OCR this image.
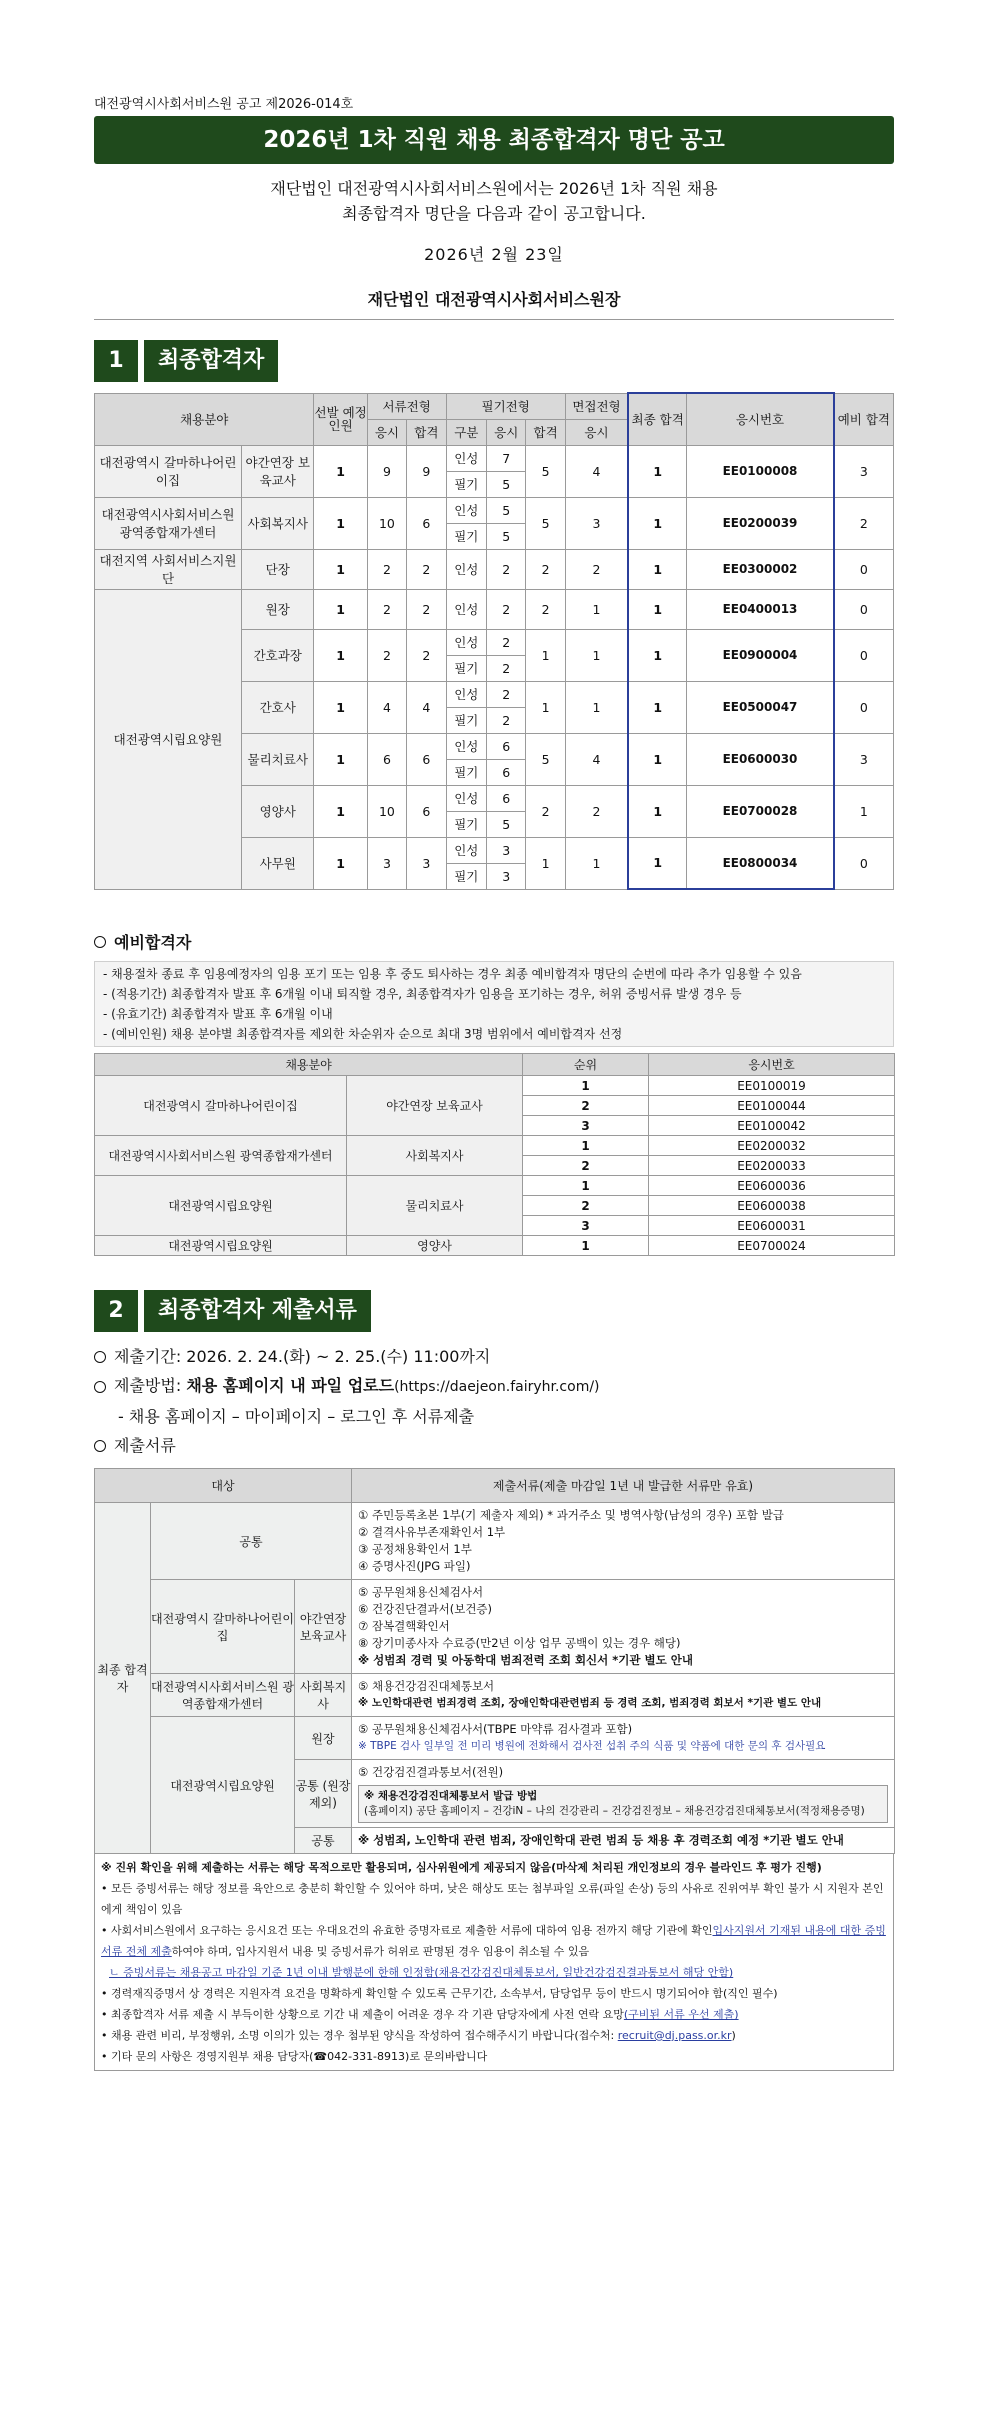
대전광역시사회서비스원 공고 제2026-014호
2026년 1차 직원 채용 최종합격자 명단 공고
재단법인 대전광역시사회서비스원에서는 2026년 1차 직원 채용
최종합격자 명단을 다음과 같이 공고합니다.
2026년 2월 23일
재단법인 대전광역시사회서비스원장
1	최종합격자
채용분야		선발 예정인원	서류전형		필기전형			면접전형	최종 합격	응시번호	예비 합격
			응시	합격	구분	응시	합격	응시			
대전광역시 갈마하나어린이집	야간연장 보육교사	1	9	9	인성	7	5	4	1	EE0100008	3
					필기	5					
대전광역시사회서비스원 광역종합재가센터	사회복지사	1	10	6	인성	5	5	3	1	EE0200039	2
					필기	5					
대전지역 사회서비스지원단	단장	1	2	2	인성	2	2	2	1	EE0300002	0
대전광역시립요양원	원장	1	2	2	인성	2	2	1	1	EE0400013	0
	간호과장	1	2	2	인성	2	1	1	1	EE0900004	0
					필기	2					
	간호사	1	4	4	인성	2	1	1	1	EE0500047	0
					필기	2					
	물리치료사	1	6	6	인성	6	5	4	1	EE0600030	3
					필기	6					
	영양사	1	10	6	인성	6	2	2	1	EE0700028	1
					필기	5					
	사무원	1	3	3	인성	3	1	1	1	EE0800034	0
					필기	3					
예비합격자
- 채용절차 종료 후 임용예정자의 임용 포기 또는 임용 후 중도 퇴사하는 경우 최종 예비합격자 명단의 순번에 따라 추가 임용할 수 있음
- (적용기간) 최종합격자 발표 후 6개월 이내 퇴직할 경우, 최종합격자가 임용을 포기하는 경우, 허위 증빙서류 발생 경우 등
- (유효기간) 최종합격자 발표 후 6개월 이내
- (예비인원) 채용 분야별 최종합격자를 제외한 차순위자 순으로 최대 3명 범위에서 예비합격자 선정
채용분야		순위	응시번호
대전광역시 갈마하나어린이집	야간연장 보육교사	1	EE0100019
		2	EE0100044
		3	EE0100042
대전광역시사회서비스원 광역종합재가센터	사회복지사	1	EE0200032
		2	EE0200033
대전광역시립요양원	물리치료사	1	EE0600036
		2	EE0600038
		3	EE0600031
대전광역시립요양원	영양사	1	EE0700024
2	최종합격자 제출서류
제출기간: 2026. 2. 24.(화) ~ 2. 25.(수) 11:00까지
제출방법: 채용 홈페이지 내 파일 업로드(https://daejeon.fairyhr.com/)
- 채용 홈페이지 – 마이페이지 – 로그인 후 서류제출
제출서류
대상			제출서류(제출 마감일 1년 내 발급한 서류만 유효)
최종 합격자	공통		① 주민등록초본 1부(기 제출자 제외) * 과거주소 및 병역사항(남성의 경우) 포함 발급
② 결격사유부존재확인서 1부
③ 공정채용확인서 1부
④ 증명사진(JPG 파일)

	대전광역시 갈마하나어린이집	야간연장 보육교사	⑤ 공무원채용신체검사서
⑥ 건강진단결과서(보건증)
⑦ 잠복결핵확인서
⑧ 장기미종사자 수료증(만2년 이상 업무 공백이 있는 경우 해당)
※ 성범죄 경력 및 아동학대 범죄전력 조회 회신서 *기관 별도 안내

	대전광역시사회서비스원 광역종합재가센터	사회복지사	⑤ 채용건강검진대체통보서
※ 노인학대관련 범죄경력 조회, 장애인학대관련범죄 등 경력 조회, 범죄경력 회보서 *기관 별도 안내

	대전광역시립요양원	원장	⑤ 공무원채용신체검사서(TBPE 마약류 검사결과 포함)
※ TBPE 검사 일부일 전 미리 병원에 전화해서 검사전 섭취 주의 식품 및 약품에 대한 문의 후 검사필요

		공통 (원장 제외)	⑤ 건강검진결과통보서(전원)
※ 채용건강검진대체통보서 발급 방법
(홈페이지) 공단 홈페이지 – 건강iN – 나의 건강관리 – 건강검진정보 – 채용건강검진대체통보서(적정채용증명)

		공통	※ 성범죄, 노인학대 관련 범죄, 장애인학대 관련 범죄 등 채용 후 경력조회 예정 *기관 별도 안내
※ 진위 확인을 위해 제출하는 서류는 해당 목적으로만 활용되며, 심사위원에게 제공되지 않음(마삭제 처리된 개인정보의 경우 블라인드 후 평가 진행)
• 모든 증빙서류는 해당 정보를 육안으로 충분히 확인할 수 있어야 하며, 낮은 해상도 또는 첨부파일 오류(파일 손상) 등의 사유로 진위여부 확인 불가 시 지원자 본인에게 책임이 있음
• 사회서비스원에서 요구하는 응시요건 또는 우대요건의 유효한 증명자료로 제출한 서류에 대하여 임용 전까지 해당 기관에 확인입사지원서 기재된 내용에 대한 증빙서류 전체 제출하여야 하며, 입사지원서 내용 및 증빙서류가 허위로 판명된 경우 임용이 취소될 수 있음
ㄴ 증빙서류는 채용공고 마감일 기준 1년 이내 발행분에 한해 인정함(채용건강검진대체통보서, 일반건강검진결과통보서 해당 안함)
• 경력재직증명서 상 경력은 지원자격 요건을 명확하게 확인할 수 있도록 근무기간, 소속부서, 담당업무 등이 반드시 명기되어야 함(직인 필수)
• 최종합격자 서류 제출 시 부득이한 상황으로 기간 내 제출이 어려운 경우 각 기관 담당자에게 사전 연락 요망(구비된 서류 우선 제출)
• 채용 관련 비리, 부정행위, 소명 이의가 있는 경우 첨부된 양식을 작성하여 접수해주시기 바랍니다(접수처: recruit@dj.pass.or.kr)
• 기타 문의 사항은 경영지원부 채용 담당자(☎042-331-8913)로 문의바랍니다
